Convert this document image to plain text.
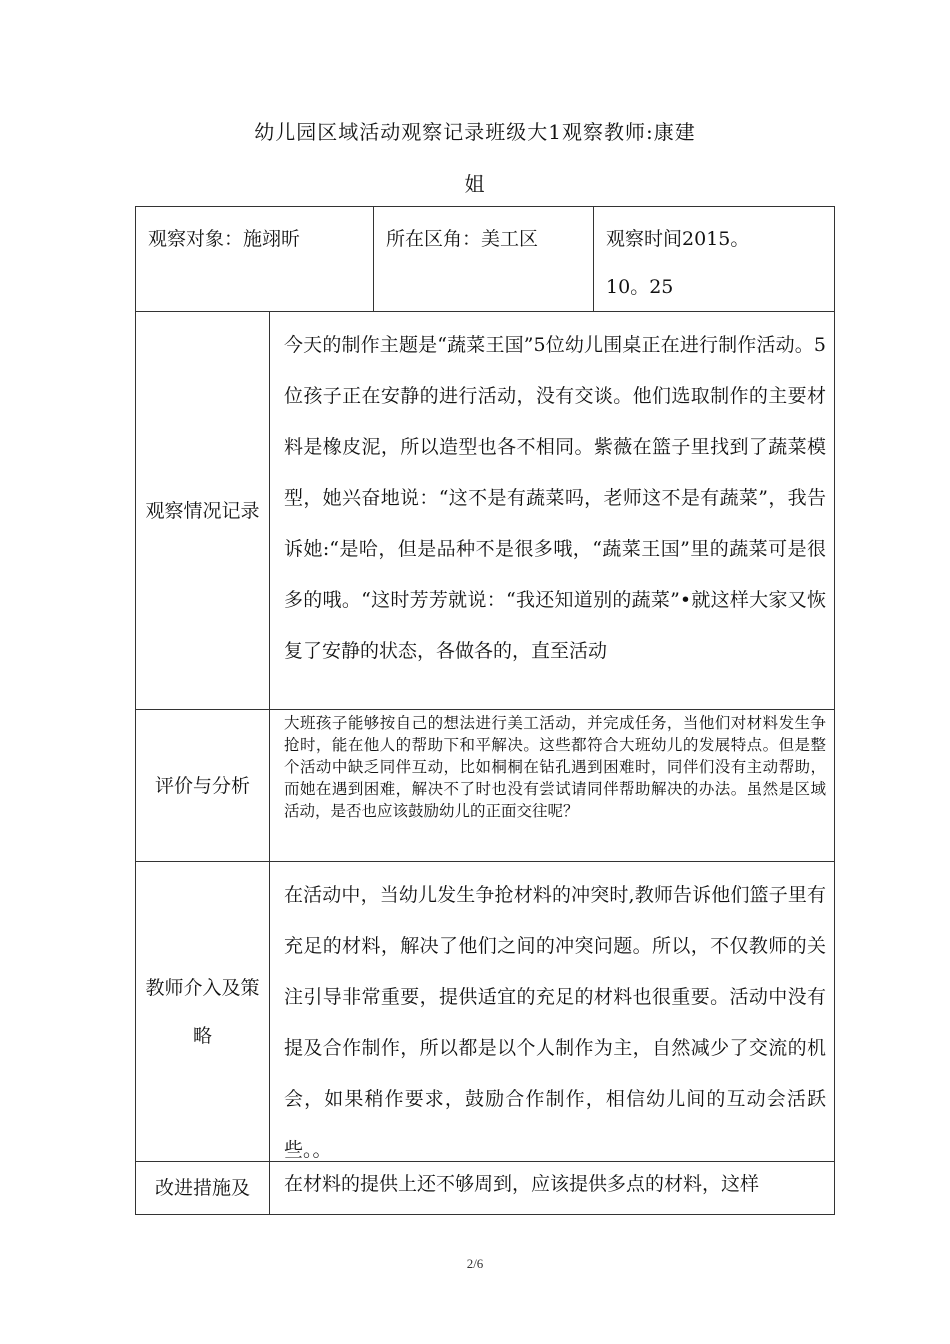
幼儿园区域活动观察记录班级大1观察教师:康建
姐
观察对象：施翊昕		所在区角：美工区	观察时间2015。
10。25

观察情况记录	今天的制作主题是“蔬菜王国”5位幼儿围桌正在进行制作活动。5位孩子正在安静的进行活动，没有交谈。他们选取制作的主要材料是橡皮泥，所以造型也各不相同。紫薇在篮子里找到了蔬菜模型，她兴奋地说：“这不是有蔬菜吗，老师这不是有蔬菜”，我告诉她:“是哈，但是品种不是很多哦，“蔬菜王国”里的蔬菜可是很多的哦。“这时芳芳就说：“我还知道别的蔬菜”•就这样大家又恢复了安静的状态，各做各的，直至活动		

评价与分析	大班孩子能够按自己的想法进行美工活动，并完成任务，当他们对材料发生争抢时，能在他人的帮助下和平解决。这些都符合大班幼儿的发展特点。但是整个活动中缺乏同伴互动，比如桐桐在钻孔遇到困难时，同伴们没有主动帮助，而她在遇到困难，解决不了时也没有尝试请同伴帮助解决的办法。虽然是区域活动，是否也应该鼓励幼儿的正面交往呢？		

教师介入及策略	在活动中，当幼儿发生争抢材料的冲突时,教师告诉他们篮子里有充足的材料，解决了他们之间的冲突问题。所以，不仅教师的关注引导非常重要，提供适宜的充足的材料也很重要。活动中没有提及合作制作，所以都是以个人制作为主，自然减少了交流的机会，如果稍作要求，鼓励合作制作，相信幼儿间的互动会活跃些。。		

改进措施及	在材料的提供上还不够周到，应该提供多点的材料，这样		
2/6
